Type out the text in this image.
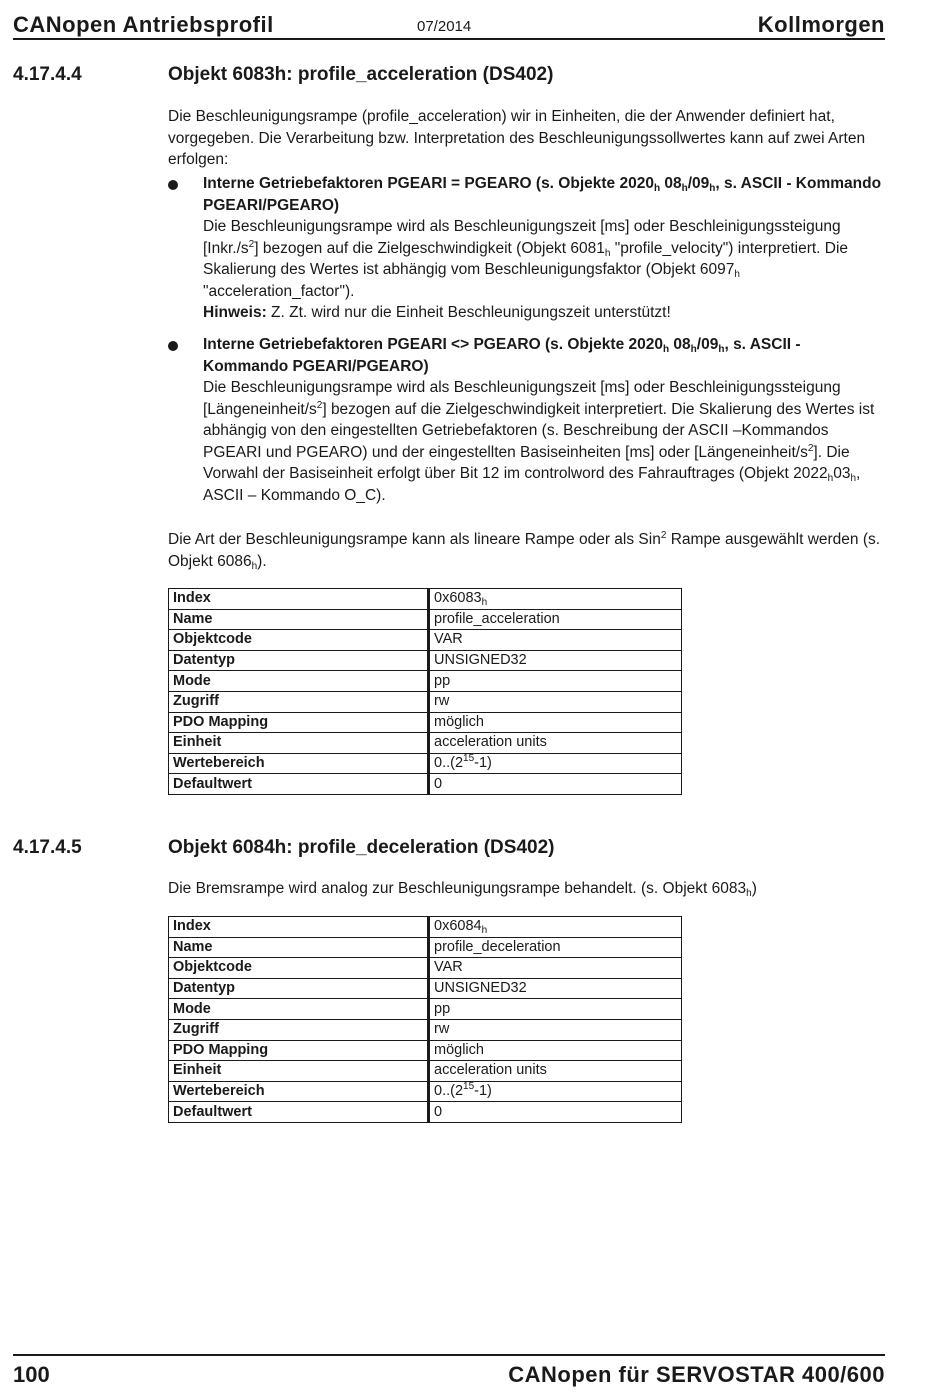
CANopen Antriebsprofil	07/2014	Kollmorgen
4.17.4.4	Objekt 6083h: profile_acceleration (DS402)

Die Beschleunigungsrampe (profile_acceleration) wir in Einheiten, die der Anwender definiert hat, vorgegeben. Die Verarbeitung bzw. Interpretation des Beschleunigungssollwertes kann auf zwei Arten erfolgen:

Interne Getriebefaktoren PGEARI = PGEARO (s. Objekte $2020_h$ $08_h/09_h$, s. ASCII - Kommando PGEARI/PGEARO)

Die Beschleunigungsrampe wird als Beschleunigungszeit [ms] oder Beschleinigungssteigung $[Inkr./s^2]$ bezogen auf die Zielgeschwindigkeit (Objekt $6081_h$ "profile_velocity") interpretiert. Die Skalierung des Wertes ist abhängig vom Beschleunigungsfaktor (Objekt $6097_h$ "acceleration_factor").

Hinweis: Z. Zt. wird nur die Einheit Beschleunigungszeit unterstützt!

Interne Getriebefaktoren PGEARI <> PGEARO (s. Objekte $2020_h$ $08_h/09_h$, s. ASCII - Kommando PGEARI/PGEARO)

Die Beschleunigungsrampe wird als Beschleunigungszeit [ms] oder Beschleinigungssteigung $[Längeneinheit/s^2]$ bezogen auf die Zielgeschwindigkeit interpretiert. Die Skalierung des Wertes ist abhängig von den eingestellten Getriebefaktoren (s. Beschreibung der ASCII –Kommandos PGEARI und PGEARO) und der eingestellten Basiseinheiten [ms] oder $[Längeneinheit/s^2]$. Die Vorwahl der Basiseinheit erfolgt über Bit 12 im controlword des Fahrauftrages (Objekt $2022_h03_h$, ASCII – Kommando O_C).

Die Art der Beschleunigungsrampe kann als lineare Rampe oder als Sin$^2$ Rampe ausgewählt werden (s. Objekt $6086_h$).

Index	$0x6083_h$
Name	profile_acceleration
Objektcode	VAR
Datentyp	UNSIGNED32
Mode	pp
Zugriff	rw
PDO Mapping	möglich
Einheit	acceleration units
Wertebereich	$0..(2^{15}-1)$
Defaultwert	0
4.17.4.5	Objekt 6084h: profile_deceleration (DS402)

Die Bremsrampe wird analog zur Beschleunigungsrampe behandelt. (s. Objekt $6083_h$)

Index	$0x6084_h$
Name	profile_deceleration
Objektcode	VAR
Datentyp	UNSIGNED32
Mode	pp
Zugriff	rw
PDO Mapping	möglich
Einheit	acceleration units
Wertebereich	$0..(2^{15}-1)$
Defaultwert	0
100	CANopen für SERVOSTAR 400/600
